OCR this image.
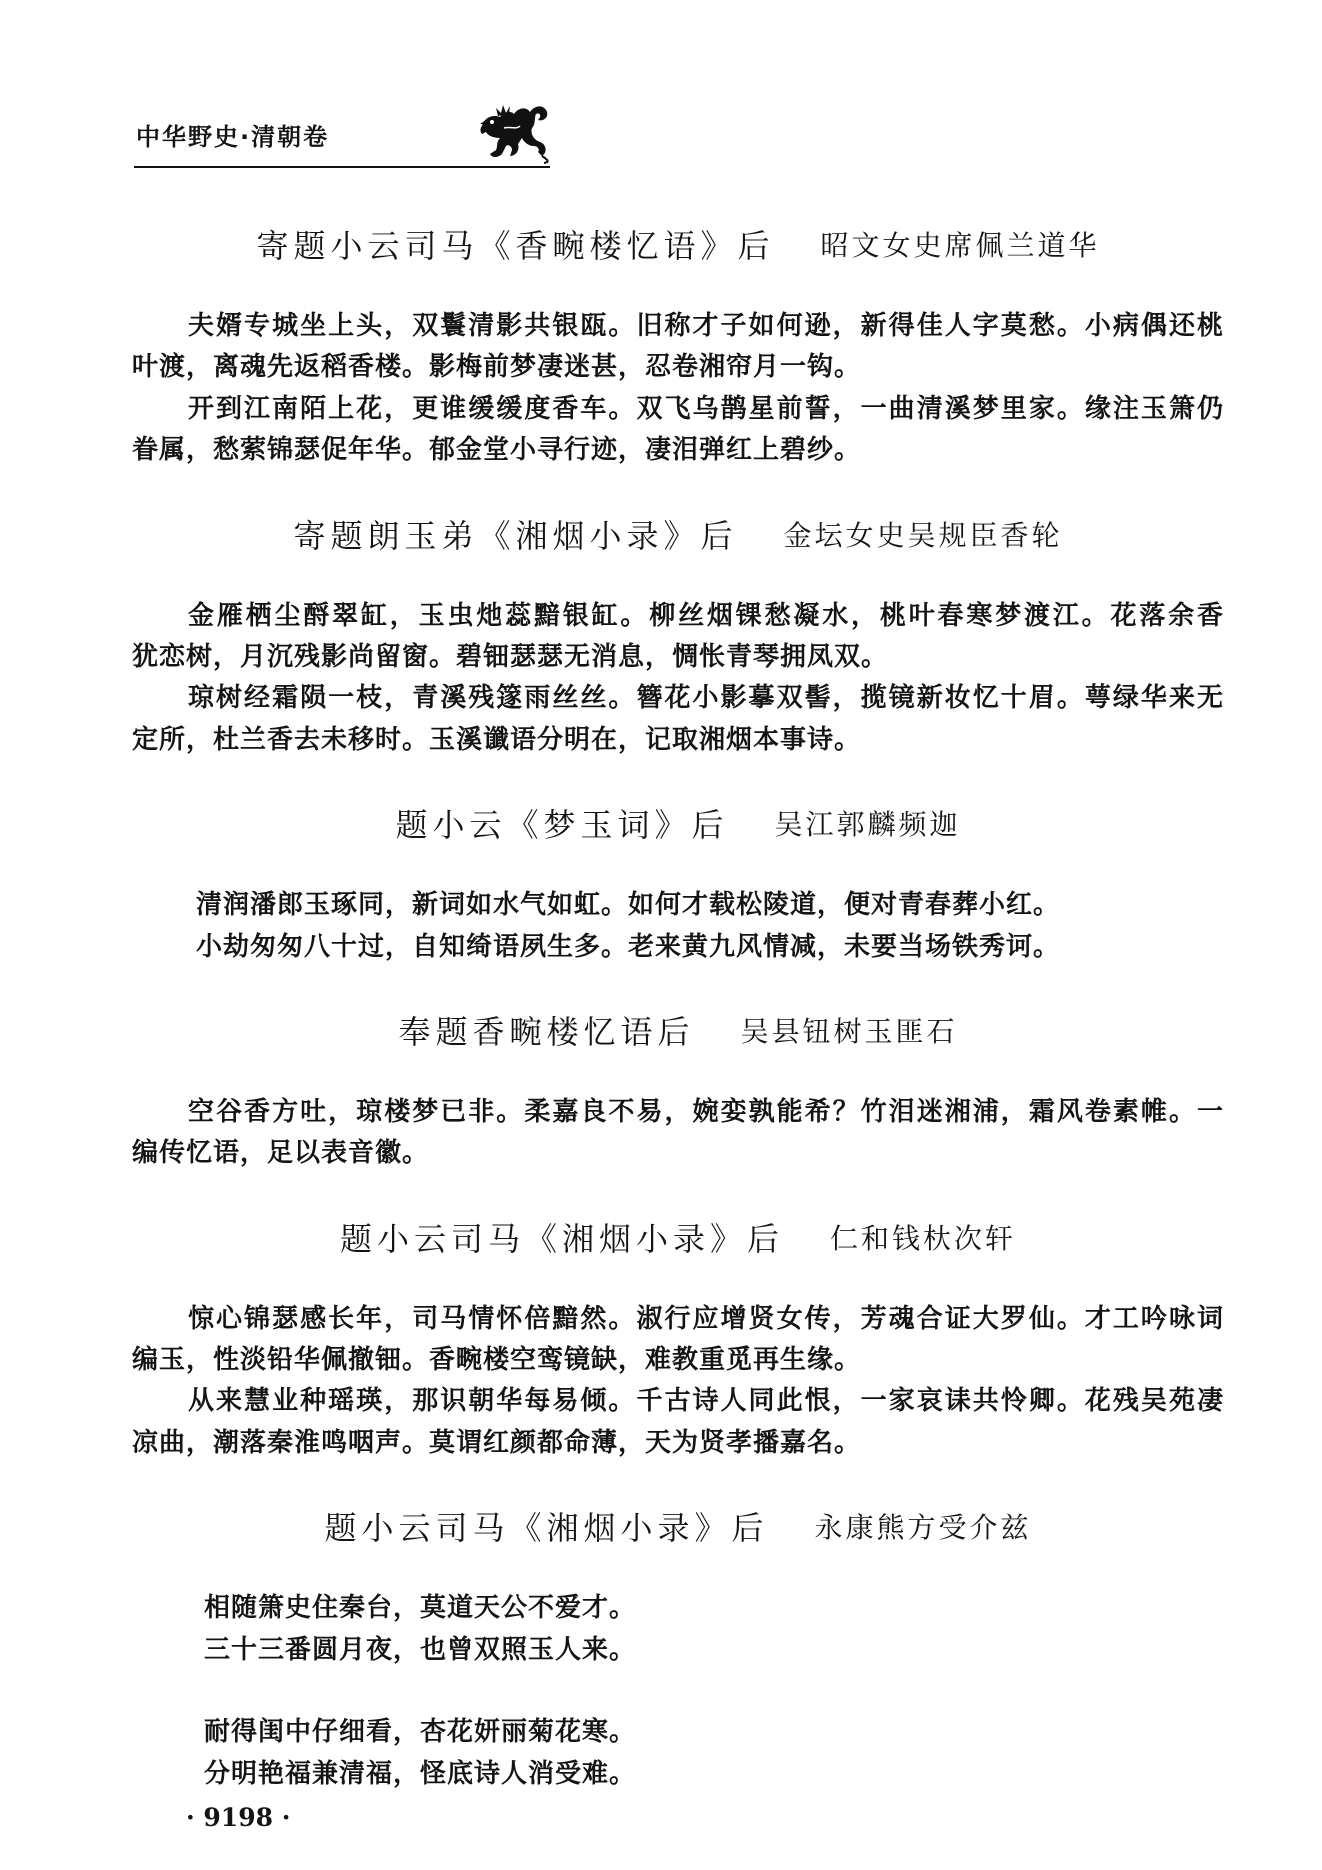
中华野史·清朝卷
寄题小云司马《香畹楼忆语》后 昭文女史席佩兰道华
夫婿专城坐上头，双鬟清影共银瓯。旧称才子如何逊，新得佳人字莫愁。小病偶还桃
叶渡，离魂先返稻香楼。影梅前梦凄迷甚，忍卷湘帘月一钩。
开到江南陌上花，更谁缓缓度香车。双飞乌鹊星前誓，一曲清溪梦里家。缘注玉箫仍
眷属，愁萦锦瑟促年华。郁金堂小寻行迹，凄泪弹红上碧纱。
寄题朗玉弟《湘烟小录》后 金坛女史吴规臣香轮
金雁栖尘酹翠缸，玉虫灺蕊黯银缸。柳丝烟锞愁凝水，桃叶春寒梦渡江。花落余香
犹恋树，月沉残影尚留窗。碧钿瑟瑟无消息，惆怅青琴拥凤双。
琼树经霜陨一枝，青溪残篴雨丝丝。簪花小影摹双髻，揽镜新妆忆十眉。萼绿华来无
定所，杜兰香去未移时。玉溪谶语分明在，记取湘烟本事诗。
题小云《梦玉词》后 吴江郭麟频迦
清润潘郎玉琢同，新词如水气如虹。如何才载松陵道，便对青春葬小红。
小劫匆匆八十过，自知绮语夙生多。老来黄九风情减，未要当场铁秀诃。
奉题香畹楼忆语后 吴县钮树玉匪石
空谷香方吐，琼楼梦已非。柔嘉良不易，婉娈孰能希？竹泪迷湘浦，霜风卷素帷。一
编传忆语，足以表音徽。
题小云司马《湘烟小录》后 仁和钱杕次轩
惊心锦瑟感长年，司马情怀倍黯然。淑行应增贤女传，芳魂合证大罗仙。才工吟咏词
编玉，性淡铅华佩撤钿。香畹楼空鸾镜缺，难教重觅再生缘。
从来慧业种瑶瑛，那识朝华每易倾。千古诗人同此恨，一家哀诔共怜卿。花残吴苑凄
凉曲，潮落秦淮鸣咽声。莫谓红颜都命薄，天为贤孝播嘉名。
题小云司马《湘烟小录》后 永康熊方受介兹
相随箫史住秦台，莫道天公不爱才。
三十三番圆月夜，也曾双照玉人来。
耐得闺中仔细看，杏花妍丽菊花寒。
分明艳福兼清福，怪底诗人消受难。
· 9198 ·
